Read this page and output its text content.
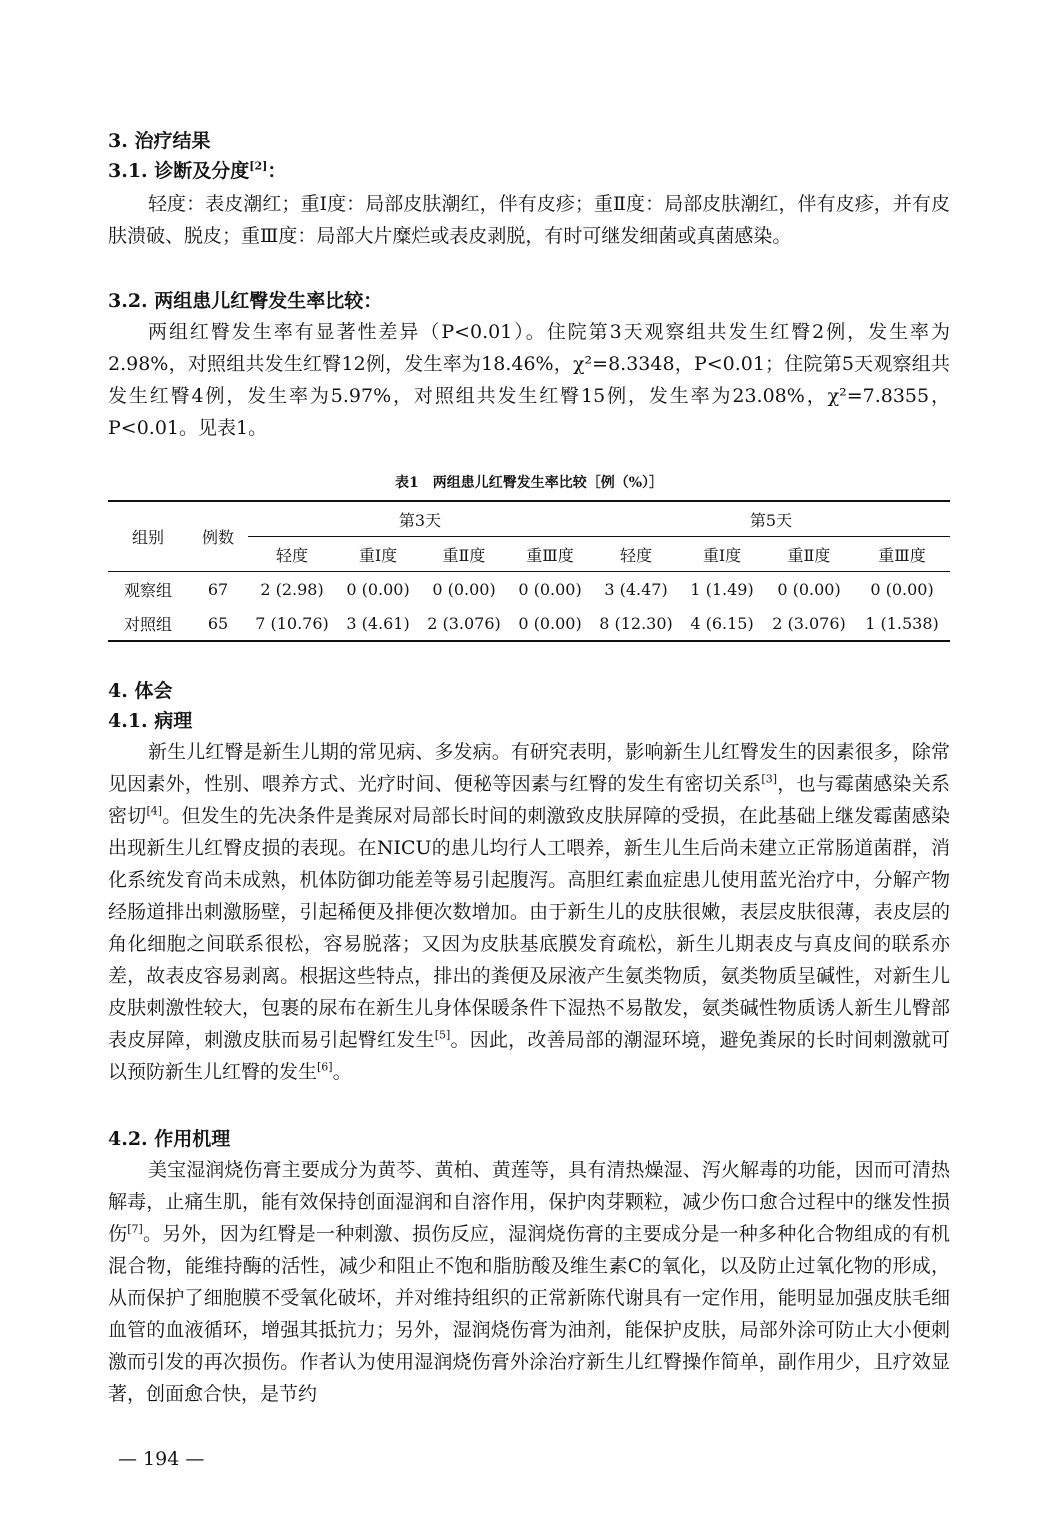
3. 治疗结果
3.1. 诊断及分度[2]：
轻度：表皮潮红；重Ⅰ度：局部皮肤潮红，伴有皮疹；重Ⅱ度：局部皮肤潮红，伴有皮疹，并有皮肤溃破、脱皮；重Ⅲ度：局部大片糜烂或表皮剥脱，有时可继发细菌或真菌感染。
3.2. 两组患儿红臀发生率比较：
两组红臀发生率有显著性差异（P<0.01）。住院第3天观察组共发生红臀2例，发生率为2.98%，对照组共发生红臀12例，发生率为18.46%，χ²=8.3348，P<0.01；住院第5天观察组共发生红臀4例，发生率为5.97%，对照组共发生红臀15例，发生率为23.08%，χ²=7.8355，P<0.01。见表1。
表1　两组患儿红臀发生率比较［例（%）］
组别	例数	第3天				第5天			
		轻度	重Ⅰ度	重Ⅱ度	重Ⅲ度	轻度	重Ⅰ度	重Ⅱ度	重Ⅲ度
观察组	67	2 (2.98)	0 (0.00)	0 (0.00)	0 (0.00)	3 (4.47)	1 (1.49)	0 (0.00)	0 (0.00)
对照组	65	7 (10.76)	3 (4.61)	2 (3.076)	0 (0.00)	8 (12.30)	4 (6.15)	2 (3.076)	1 (1.538)
4. 体会
4.1. 病理
新生儿红臀是新生儿期的常见病、多发病。有研究表明，影响新生儿红臀发生的因素很多，除常见因素外，性别、喂养方式、光疗时间、便秘等因素与红臀的发生有密切关系[3]，也与霉菌感染关系密切[4]。但发生的先决条件是粪尿对局部长时间的刺激致皮肤屏障的受损，在此基础上继发霉菌感染出现新生儿红臀皮损的表现。在NICU的患儿均行人工喂养，新生儿生后尚未建立正常肠道菌群，消化系统发育尚未成熟，机体防御功能差等易引起腹泻。高胆红素血症患儿使用蓝光治疗中，分解产物经肠道排出刺激肠壁，引起稀便及排便次数增加。由于新生儿的皮肤很嫩，表层皮肤很薄，表皮层的角化细胞之间联系很松，容易脱落；又因为皮肤基底膜发育疏松，新生儿期表皮与真皮间的联系亦差，故表皮容易剥离。根据这些特点，排出的粪便及尿液产生氨类物质，氨类物质呈碱性，对新生儿皮肤刺激性较大，包裹的尿布在新生儿身体保暖条件下湿热不易散发，氨类碱性物质诱人新生儿臀部表皮屏障，刺激皮肤而易引起臀红发生[5]。因此，改善局部的潮湿环境，避免粪尿的长时间刺激就可以预防新生儿红臀的发生[6]。
4.2. 作用机理
美宝湿润烧伤膏主要成分为黄芩、黄柏、黄莲等，具有清热燥湿、泻火解毒的功能，因而可清热解毒，止痛生肌，能有效保持创面湿润和自溶作用，保护肉芽颗粒，减少伤口愈合过程中的继发性损伤[7]。另外，因为红臀是一种刺激、损伤反应，湿润烧伤膏的主要成分是一种多种化合物组成的有机混合物，能维持酶的活性，减少和阻止不饱和脂肪酸及维生素C的氧化，以及防止过氧化物的形成，从而保护了细胞膜不受氧化破坏，并对维持组织的正常新陈代谢具有一定作用，能明显加强皮肤毛细血管的血液循环，增强其抵抗力；另外，湿润烧伤膏为油剂，能保护皮肤，局部外涂可防止大小便刺激而引发的再次损伤。作者认为使用湿润烧伤膏外涂治疗新生儿红臀操作简单，副作用少，且疗效显著，创面愈合快，是节约
— 194 —
